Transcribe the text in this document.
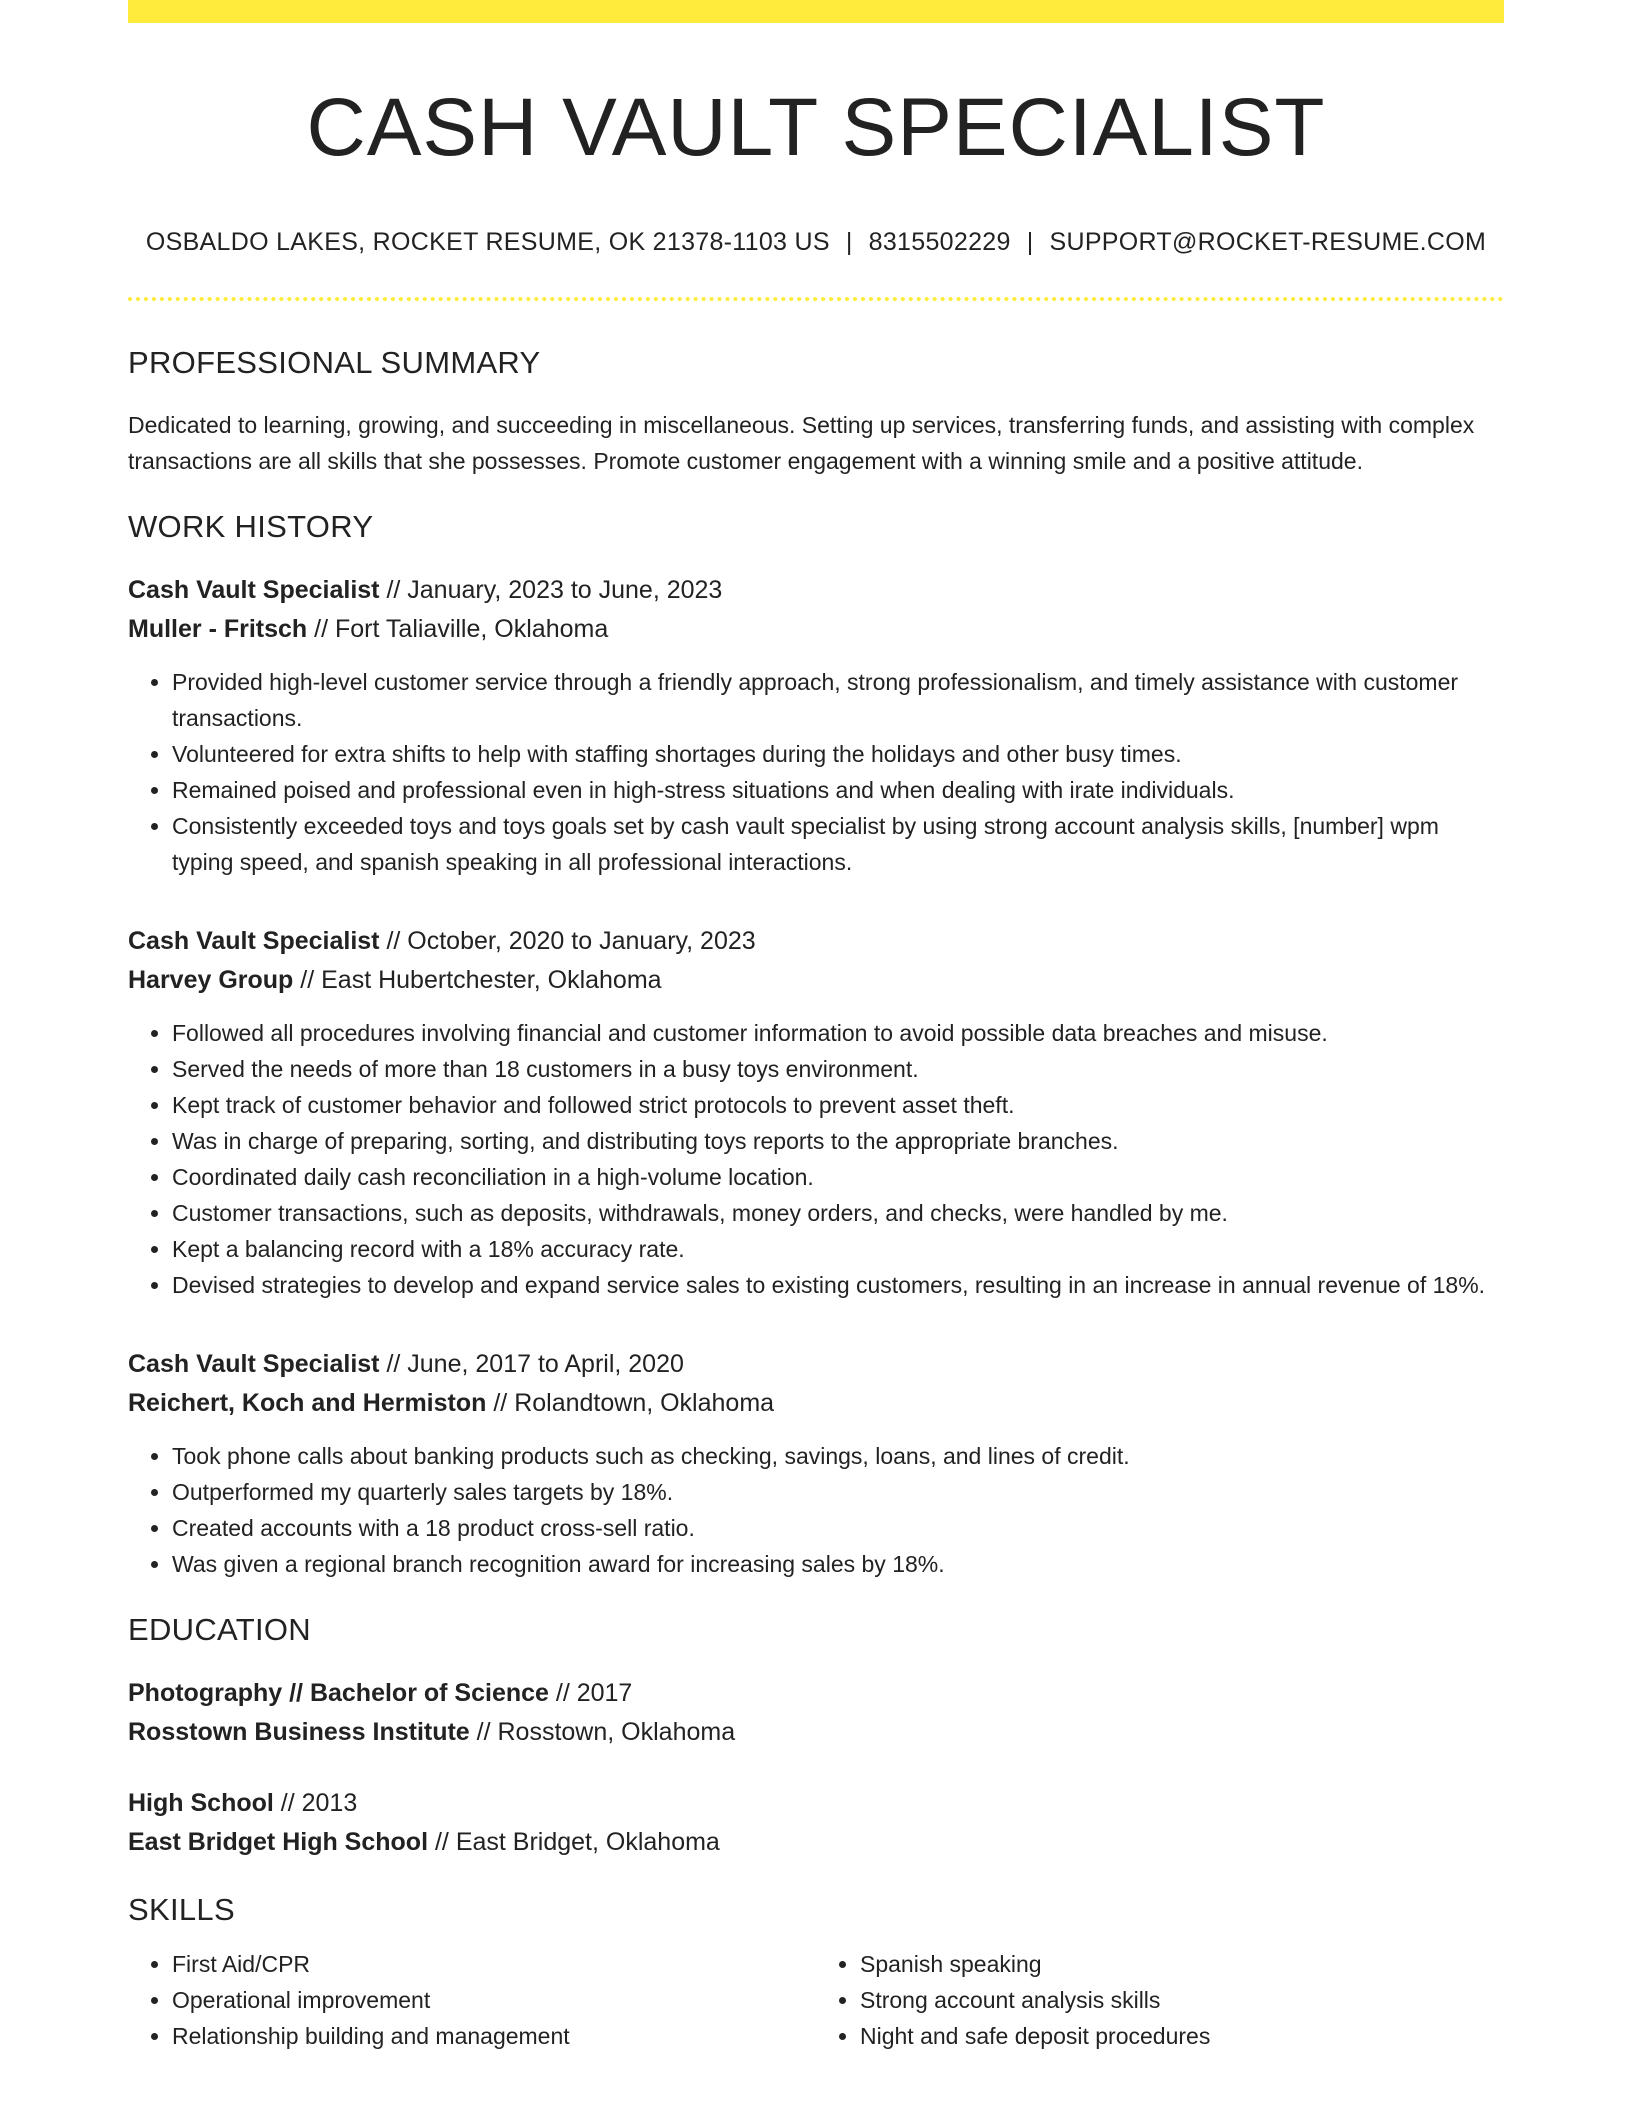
CASH VAULT SPECIALIST
OSBALDO LAKES, ROCKET RESUME, OK 21378-1103 US | 8315502229 | SUPPORT@ROCKET-RESUME.COM
PROFESSIONAL SUMMARY
Dedicated to learning, growing, and succeeding in miscellaneous. Setting up services, transferring funds, and assisting with complex transactions are all skills that she possesses. Promote customer engagement with a winning smile and a positive attitude.
WORK HISTORY
Cash Vault Specialist // January, 2023 to June, 2023
Muller - Fritsch // Fort Taliaville, Oklahoma
• Provided high-level customer service through a friendly approach, strong professionalism, and timely assistance with customer transactions.
• Volunteered for extra shifts to help with staffing shortages during the holidays and other busy times.
• Remained poised and professional even in high-stress situations and when dealing with irate individuals.
• Consistently exceeded toys and toys goals set by cash vault specialist by using strong account analysis skills, [number] wpm typing speed, and spanish speaking in all professional interactions.
Cash Vault Specialist // October, 2020 to January, 2023
Harvey Group // East Hubertchester, Oklahoma
• Followed all procedures involving financial and customer information to avoid possible data breaches and misuse.
• Served the needs of more than 18 customers in a busy toys environment.
• Kept track of customer behavior and followed strict protocols to prevent asset theft.
• Was in charge of preparing, sorting, and distributing toys reports to the appropriate branches.
• Coordinated daily cash reconciliation in a high-volume location.
• Customer transactions, such as deposits, withdrawals, money orders, and checks, were handled by me.
• Kept a balancing record with a 18% accuracy rate.
• Devised strategies to develop and expand service sales to existing customers, resulting in an increase in annual revenue of 18%.
Cash Vault Specialist // June, 2017 to April, 2020
Reichert, Koch and Hermiston // Rolandtown, Oklahoma
• Took phone calls about banking products such as checking, savings, loans, and lines of credit.
• Outperformed my quarterly sales targets by 18%.
• Created accounts with a 18 product cross-sell ratio.
• Was given a regional branch recognition award for increasing sales by 18%.
EDUCATION
Photography // Bachelor of Science // 2017
Rosstown Business Institute // Rosstown, Oklahoma
High School // 2013
East Bridget High School // East Bridget, Oklahoma
SKILLS
• First Aid/CPR
• Operational improvement
• Relationship building and management
• Spanish speaking
• Strong account analysis skills
• Night and safe deposit procedures
